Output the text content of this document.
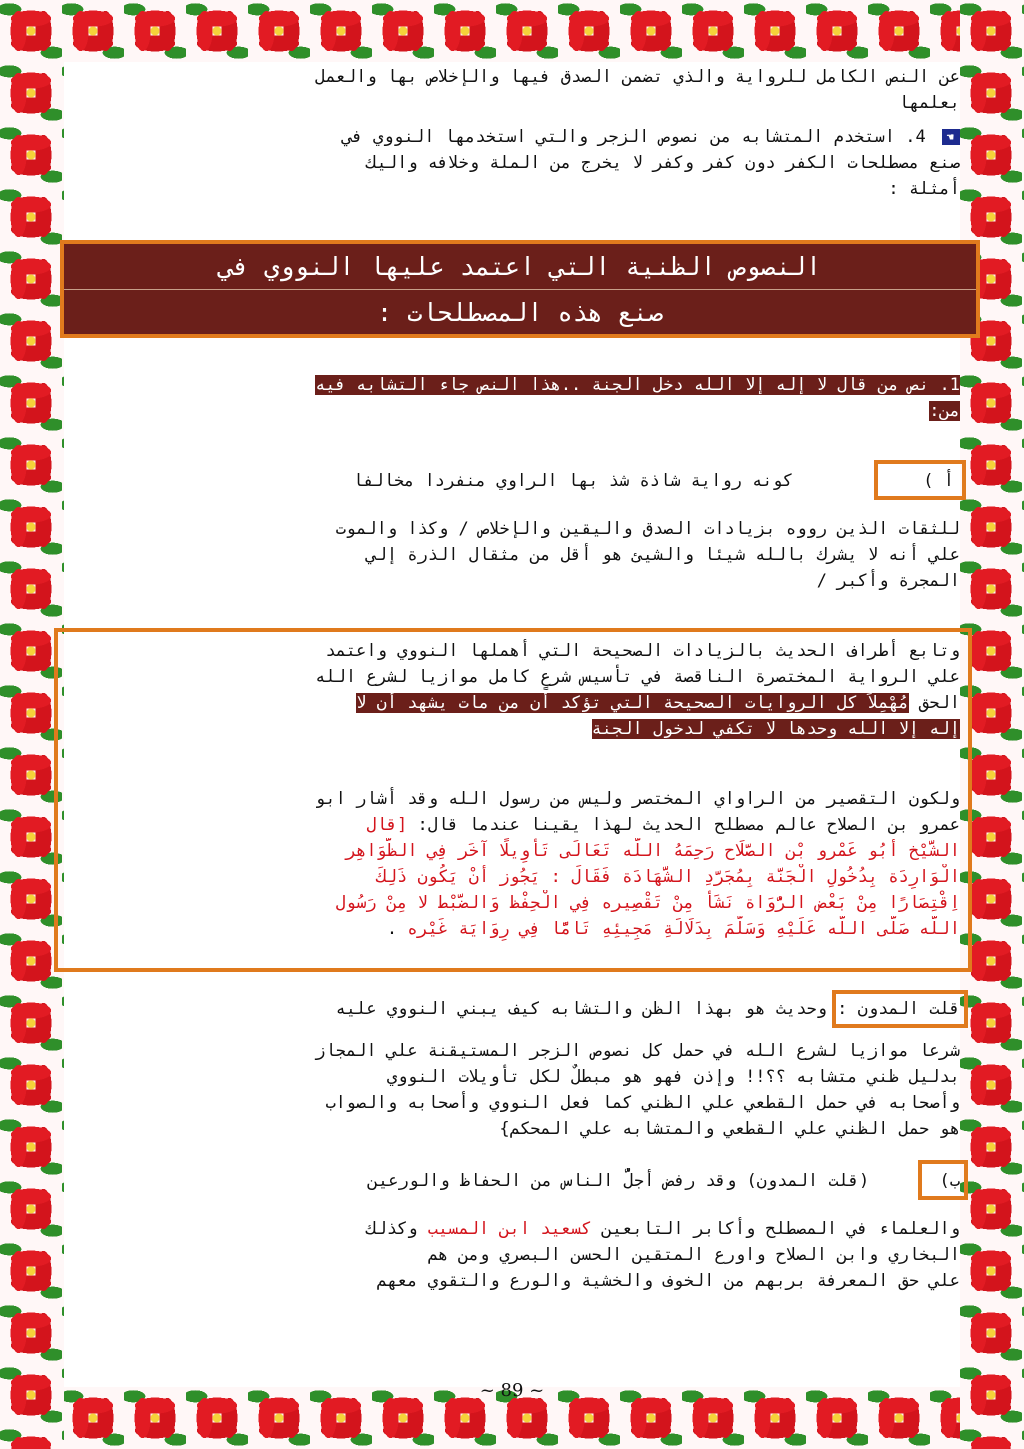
عن النص الكامل للرواية والذي تضمن الصدق فيها والإخلاص بها والعمل
بعلمها
☚ 4. استخدم المتشابه من نصوص الزجر والتي استخدمها النووي في
صنع مصطلحات الكفر دون كفر وكفر لا يخرج من الملة وخلافه واليك
أمثلة :
النصوص الظنية التي اعتمد عليها النووي في
صنع هذه المصطلحات :
1. نص من قال لا إله إلا الله دخل الجنة ..هذا النص جاء التشابه فيه
من:
أ ) كونه رواية شاذة شذ بها الراوي منفردا مخالفا
للثقات الذين رووه بزيادات الصدق واليقين والإخلاص / وكذا والموت
علي أنه لا يشرك بالله شيئا والشيئ هو أقل من مثقال الذرة إلي
المجرة وأكبر /
وتابع أطراف الحديث بالزيادات الصحيحة التي أهملها النووي واعتمد
علي الرواية المختصرة الناقصة في تأسيس شرعٍ كامل موازيا لشرع الله
الحق مُهْمِلاً كل الروايات الصحيحة التي تؤكد أن من مات يشهد أن لا
إله إلا الله وحدها لا تكفي لدخول الجنة
ولكون التقصير من الراواي المختصر وليس من رسول الله وقد أشار ابو
عمرو بن الصلاح عالم مصطلح الحديث لهذا يقينا عندما قال: [قال
الشَّيْخ أَبُو عَمْرو بْن الصَّلَاح رَحِمَهُ اللَّه تَعَالَى تَأْوِيلًا آخَر فِي الظَّوَاهِر
الْوَارِدَة بِدُخُولِ الْجَنَّة بِمُجَرَّدِ الشَّهَادَة فَقَالَ : يَجُوز أَنْ يَكُون ذَلِكَ
اِقْتِصَارًا مِنْ بَعْض الرُّوَاة نَشَأَ مِنْ تَقْصِيره فِي الْحِفْظ وَالضَّبْط لا مِنْ رَسُول
اللَّه صَلَّى اللَّه عَلَيْهِ وَسَلَّمَ بِدَلَالَةِ مَجِيئِهِ تَامًّا فِي رِوَايَة غَيْره .
قلت المدون : وحديث هو بهذا الظن والتشابه كيف يبني النووي عليه
شرعا موازيا لشرع الله في حمل كل نصوص الزجر المستيقنة علي المجاز
بدليل ظني متشابه ؟؟!! وإذن فهو هو مبطلٌ لكل تأويلات النووي
وأصحابه في حمل القطعي علي الظني كما فعل النووي وأصحابه والصواب
هو حمل الظني علي القطعي والمتشابه علي المحكم}
ب) (قلت المدون) وقد رفض أجلُّ الناس من الحفاظ والورعين
والعلماء في المصطلح وأكابر التابعين كسعيد ابن المسيب وكذلك
البخاري وابن الصلاح واورع المتقين الحسن البصري ومن هم
علي حق المعرفة بربهم من الخوف والخشية والورع والتقوي معهم
~ 89 ~
